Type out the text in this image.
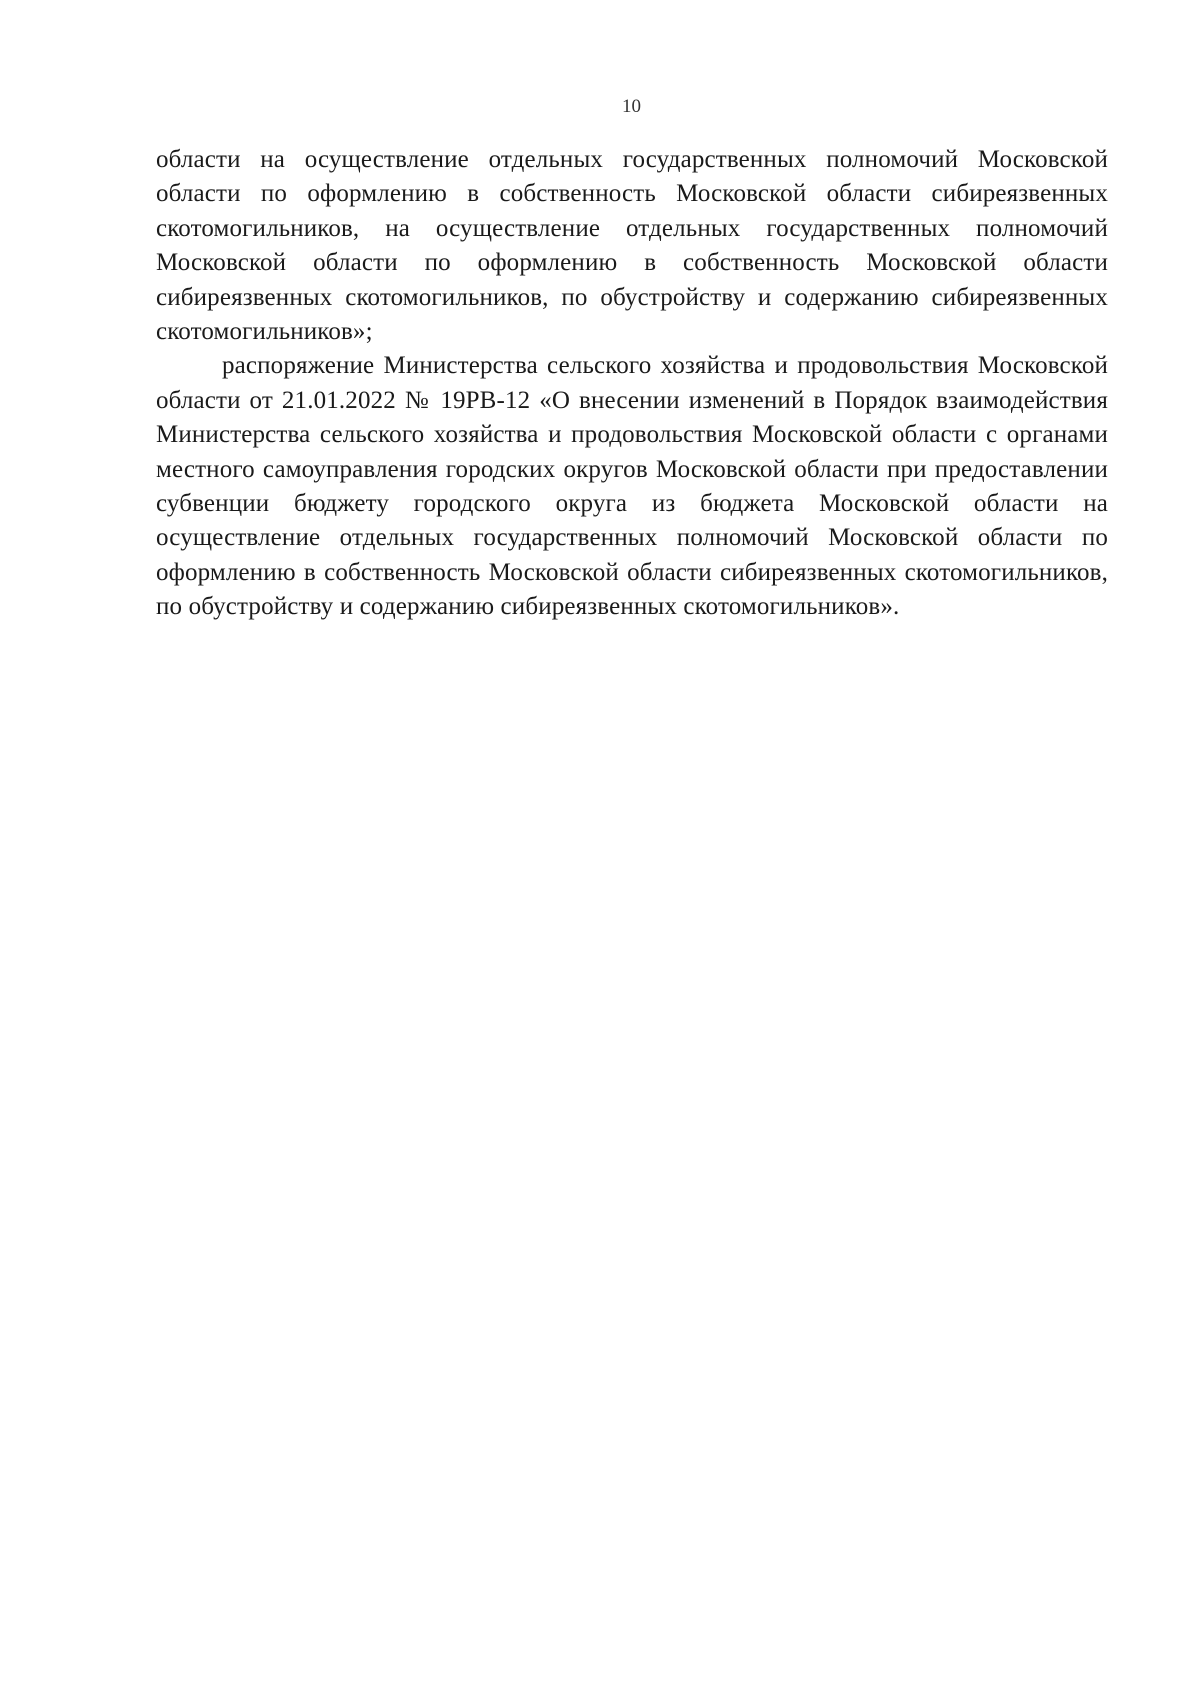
10

области на осуществление отдельных государственных полномочий Московской области по оформлению в собственность Московской области сибиреязвенных скотомогильников, на осуществление отдельных государственных полномочий Московской области по оформлению в собственность Московской области сибиреязвенных скотомогильников, по обустройству и содержанию сибиреязвенных скотомогильников»;

распоряжение Министерства сельского хозяйства и продовольствия Московской области от 21.01.2022 № 19РВ-12 «О внесении изменений в Порядок взаимодействия Министерства сельского хозяйства и продовольствия Московской области с органами местного самоуправления городских округов Московской области при предоставлении субвенции бюджету городского округа из бюджета Московской области на осуществление отдельных государственных полномочий Московской области по оформлению в собственность Московской области сибиреязвенных скотомогильников, по обустройству и содержанию сибиреязвенных скотомогильников».
